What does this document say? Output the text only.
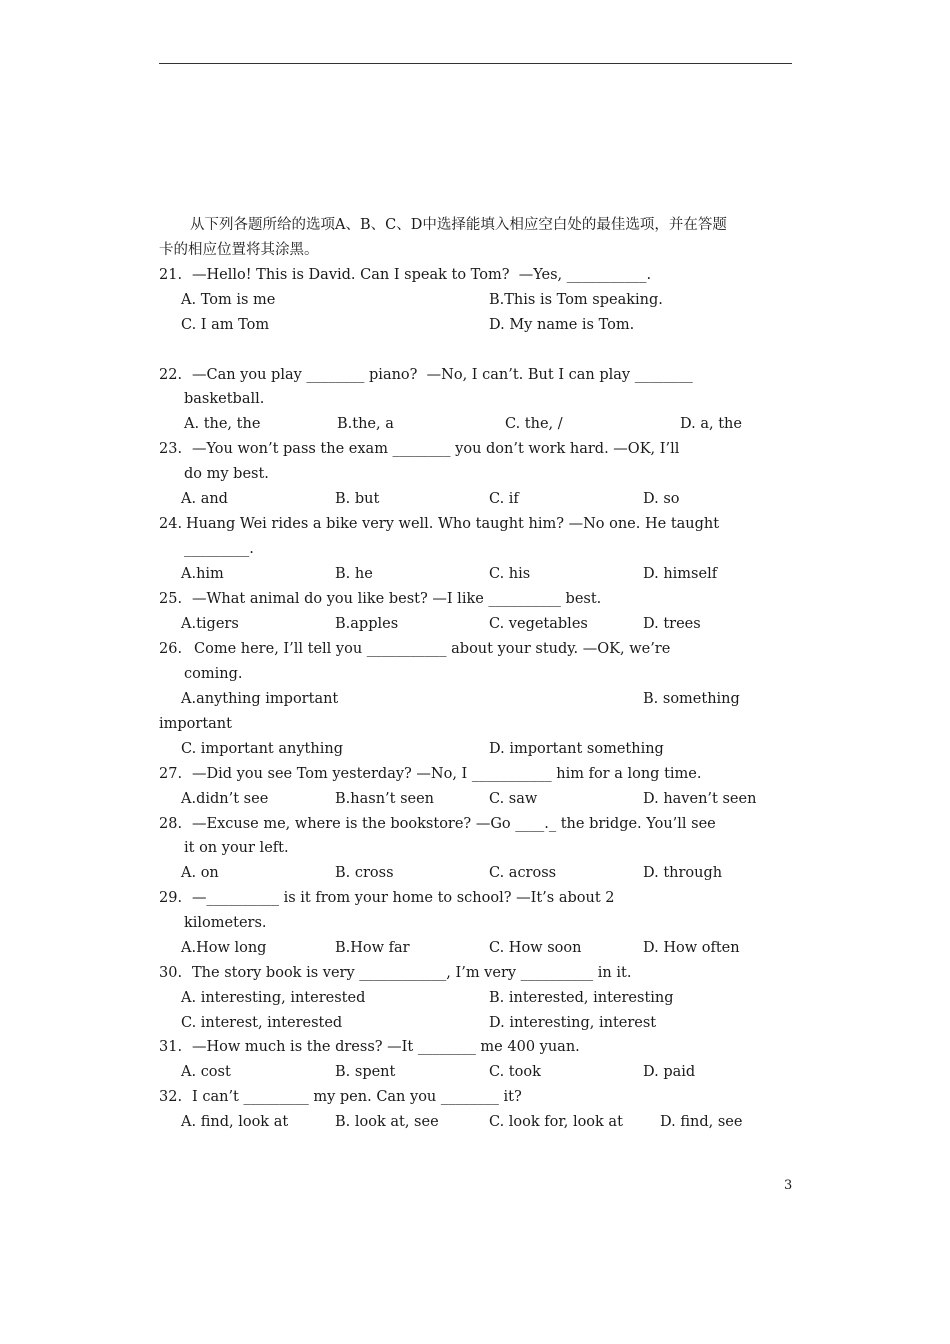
从下列各题所给的选项A、B、C、D中选择能填入相应空白处的最佳选项，并在答题
卡的相应位置将其涂黑。
21. —Hello! This is David. Can I speak to Tom?  —Yes, ___________.
A. Tom is me	B.This is Tom speaking.
C. I am Tom	D. My name is Tom.
22. —Can you play ________ piano?  —No, I can’t. But I can play ________
basketball.
A. the, the	B.the, a	C. the, /	D. a, the
23. —You won’t pass the exam ________ you don’t work hard. —OK, I’ll
do my best.
A. and	B. but	C. if	D. so
24. Huang Wei rides a bike very well. Who taught him? —No one. He taught
_________.
A.him	B. he	C. his	D. himself
25. —What animal do you like best? —I like __________ best.
A.tigers	B.apples	C. vegetables	D. trees
26. Come here, I’ll tell you ___________ about your study. —OK, we’re
coming.
A.anything important	B. something
important
C. important anything	D. important something
27. —Did you see Tom yesterday? —No, I ___________ him for a long time.
A.didn’t see	B.hasn’t seen	C. saw	D. haven’t seen
28. —Excuse me, where is the bookstore? —Go ____._ the bridge. You’ll see
it on your left.
A. on	B. cross	C. across	D. through
29. —__________ is it from your home to school? —It’s about 2
kilometers.
A.How long	B.How far	C. How soon	D. How often
30. The story book is very ____________, I’m very __________ in it.
A. interesting, interested	B. interested, interesting
C. interest, interested	D. interesting, interest
31. —How much is the dress? —It ________ me 400 yuan.
A. cost	B. spent	C. took	D. paid
32. I can’t _________ my pen. Can you ________ it?
A. find, look at	B. look at, see	C. look for, look at	D. find, see
3
